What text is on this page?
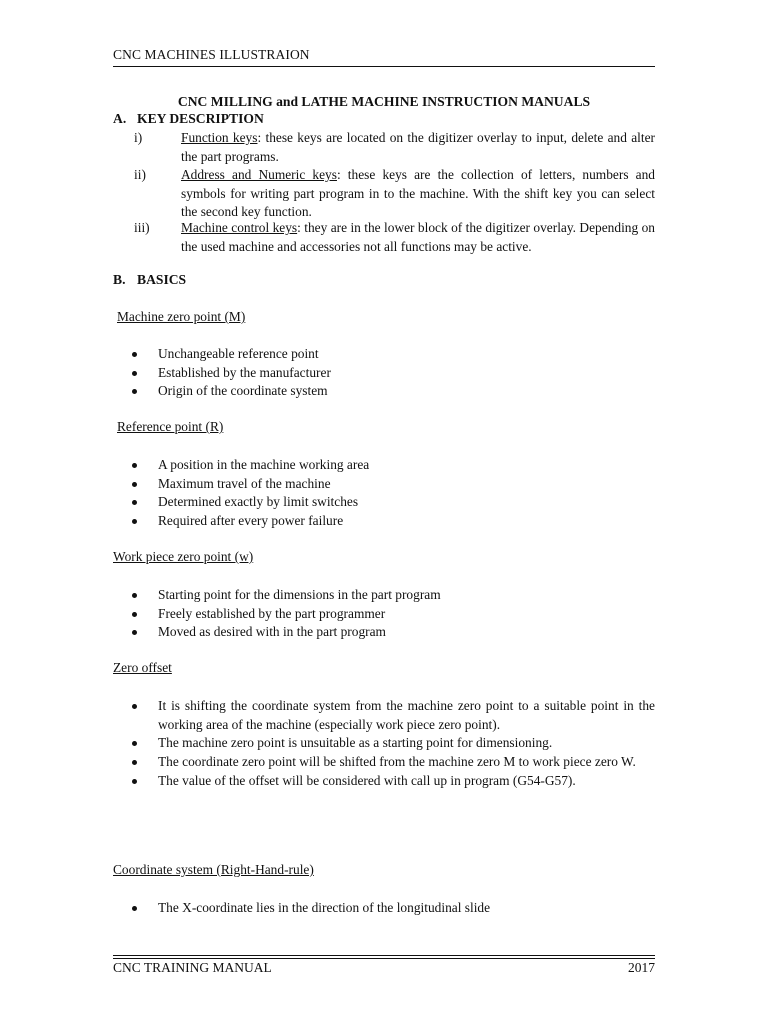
CNC MACHINES ILLUSTRAION
CNC MILLING and LATHE MACHINE INSTRUCTION MANUALS
A. KEY DESCRIPTION
i)	Function keys: these keys are located on the digitizer overlay to input, delete and alter the part programs.
ii)	Address and Numeric keys: these keys are the collection of letters, numbers and symbols for writing part program in to the machine. With the shift key you can select the second key function.
iii) Machine control keys: they are in the lower block of the digitizer overlay. Depending on the used machine and accessories not all functions may be active.
B. BASICS
Machine zero point (M)
Unchangeable reference point
Established by the manufacturer
Origin of the coordinate system
Reference point (R)
A position in the machine working area
Maximum travel of the machine
Determined exactly by limit switches
Required after every power failure
Work piece zero point (w)
Starting point for the dimensions in the part program
Freely established by the part programmer
Moved as desired with in the part program
Zero offset
It is shifting the coordinate system from the machine zero point to a suitable point in the working area of the machine (especially work piece zero point).
The machine zero point is unsuitable as a starting point for dimensioning.
The coordinate zero point will be shifted from the machine zero M to work piece zero W.
The value of the offset will be considered with call up in program (G54-G57).
Coordinate system (Right-Hand-rule)
The X-coordinate lies in the direction of the longitudinal slide
CNC TRAINING MANUAL	2017
